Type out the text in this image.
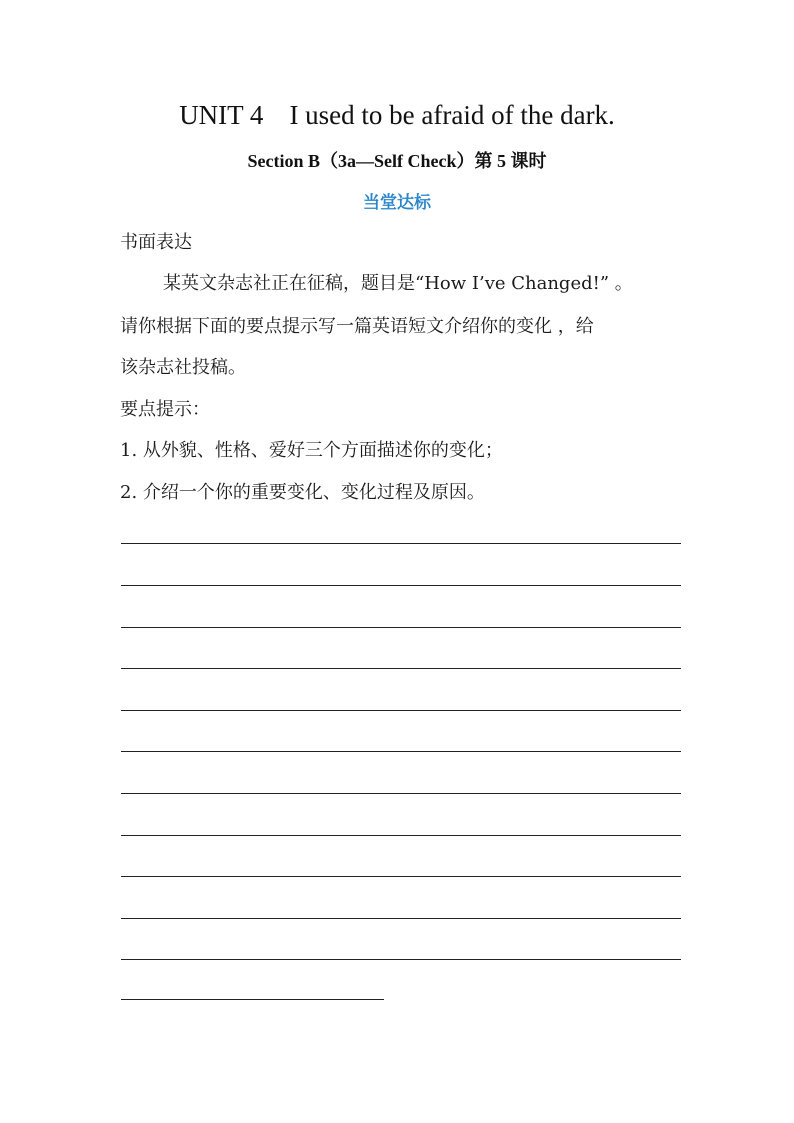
UNIT 4 I used to be afraid of the dark.
Section B（3a—Self Check）第 5 课时
当堂达标
书面表达
某英文杂志社正在征稿，题目是“How I’ve Changed!” 。
请你根据下面的要点提示写一篇英语短文介绍你的变化 ，给
该杂志社投稿。
要点提示：
1. 从外貌、性格、爱好三个方面描述你的变化；
2. 介绍一个你的重要变化、变化过程及原因。
